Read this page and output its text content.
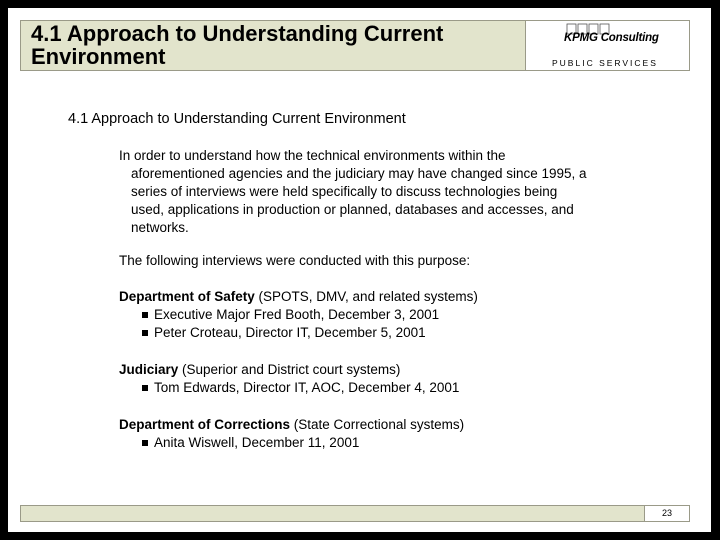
4.1 Approach to Understanding Current Environment
KPMG Consulting
PUBLIC SERVICES
4.1 Approach to Understanding Current Environment
In order to understand how the technical environments within the
aforementioned agencies and the judiciary may have changed since 1995, a
series of interviews were held specifically to discuss technologies being
used, applications in production or planned, databases and accesses, and
networks.
The following interviews were conducted with this purpose:
Department of Safety (SPOTS, DMV, and related systems)
Executive Major Fred Booth, December 3, 2001
Peter Croteau, Director IT, December 5, 2001
Judiciary (Superior and District court systems)
Tom Edwards, Director IT, AOC, December 4, 2001
Department of Corrections (State Correctional systems)
Anita Wiswell, December 11, 2001
23
